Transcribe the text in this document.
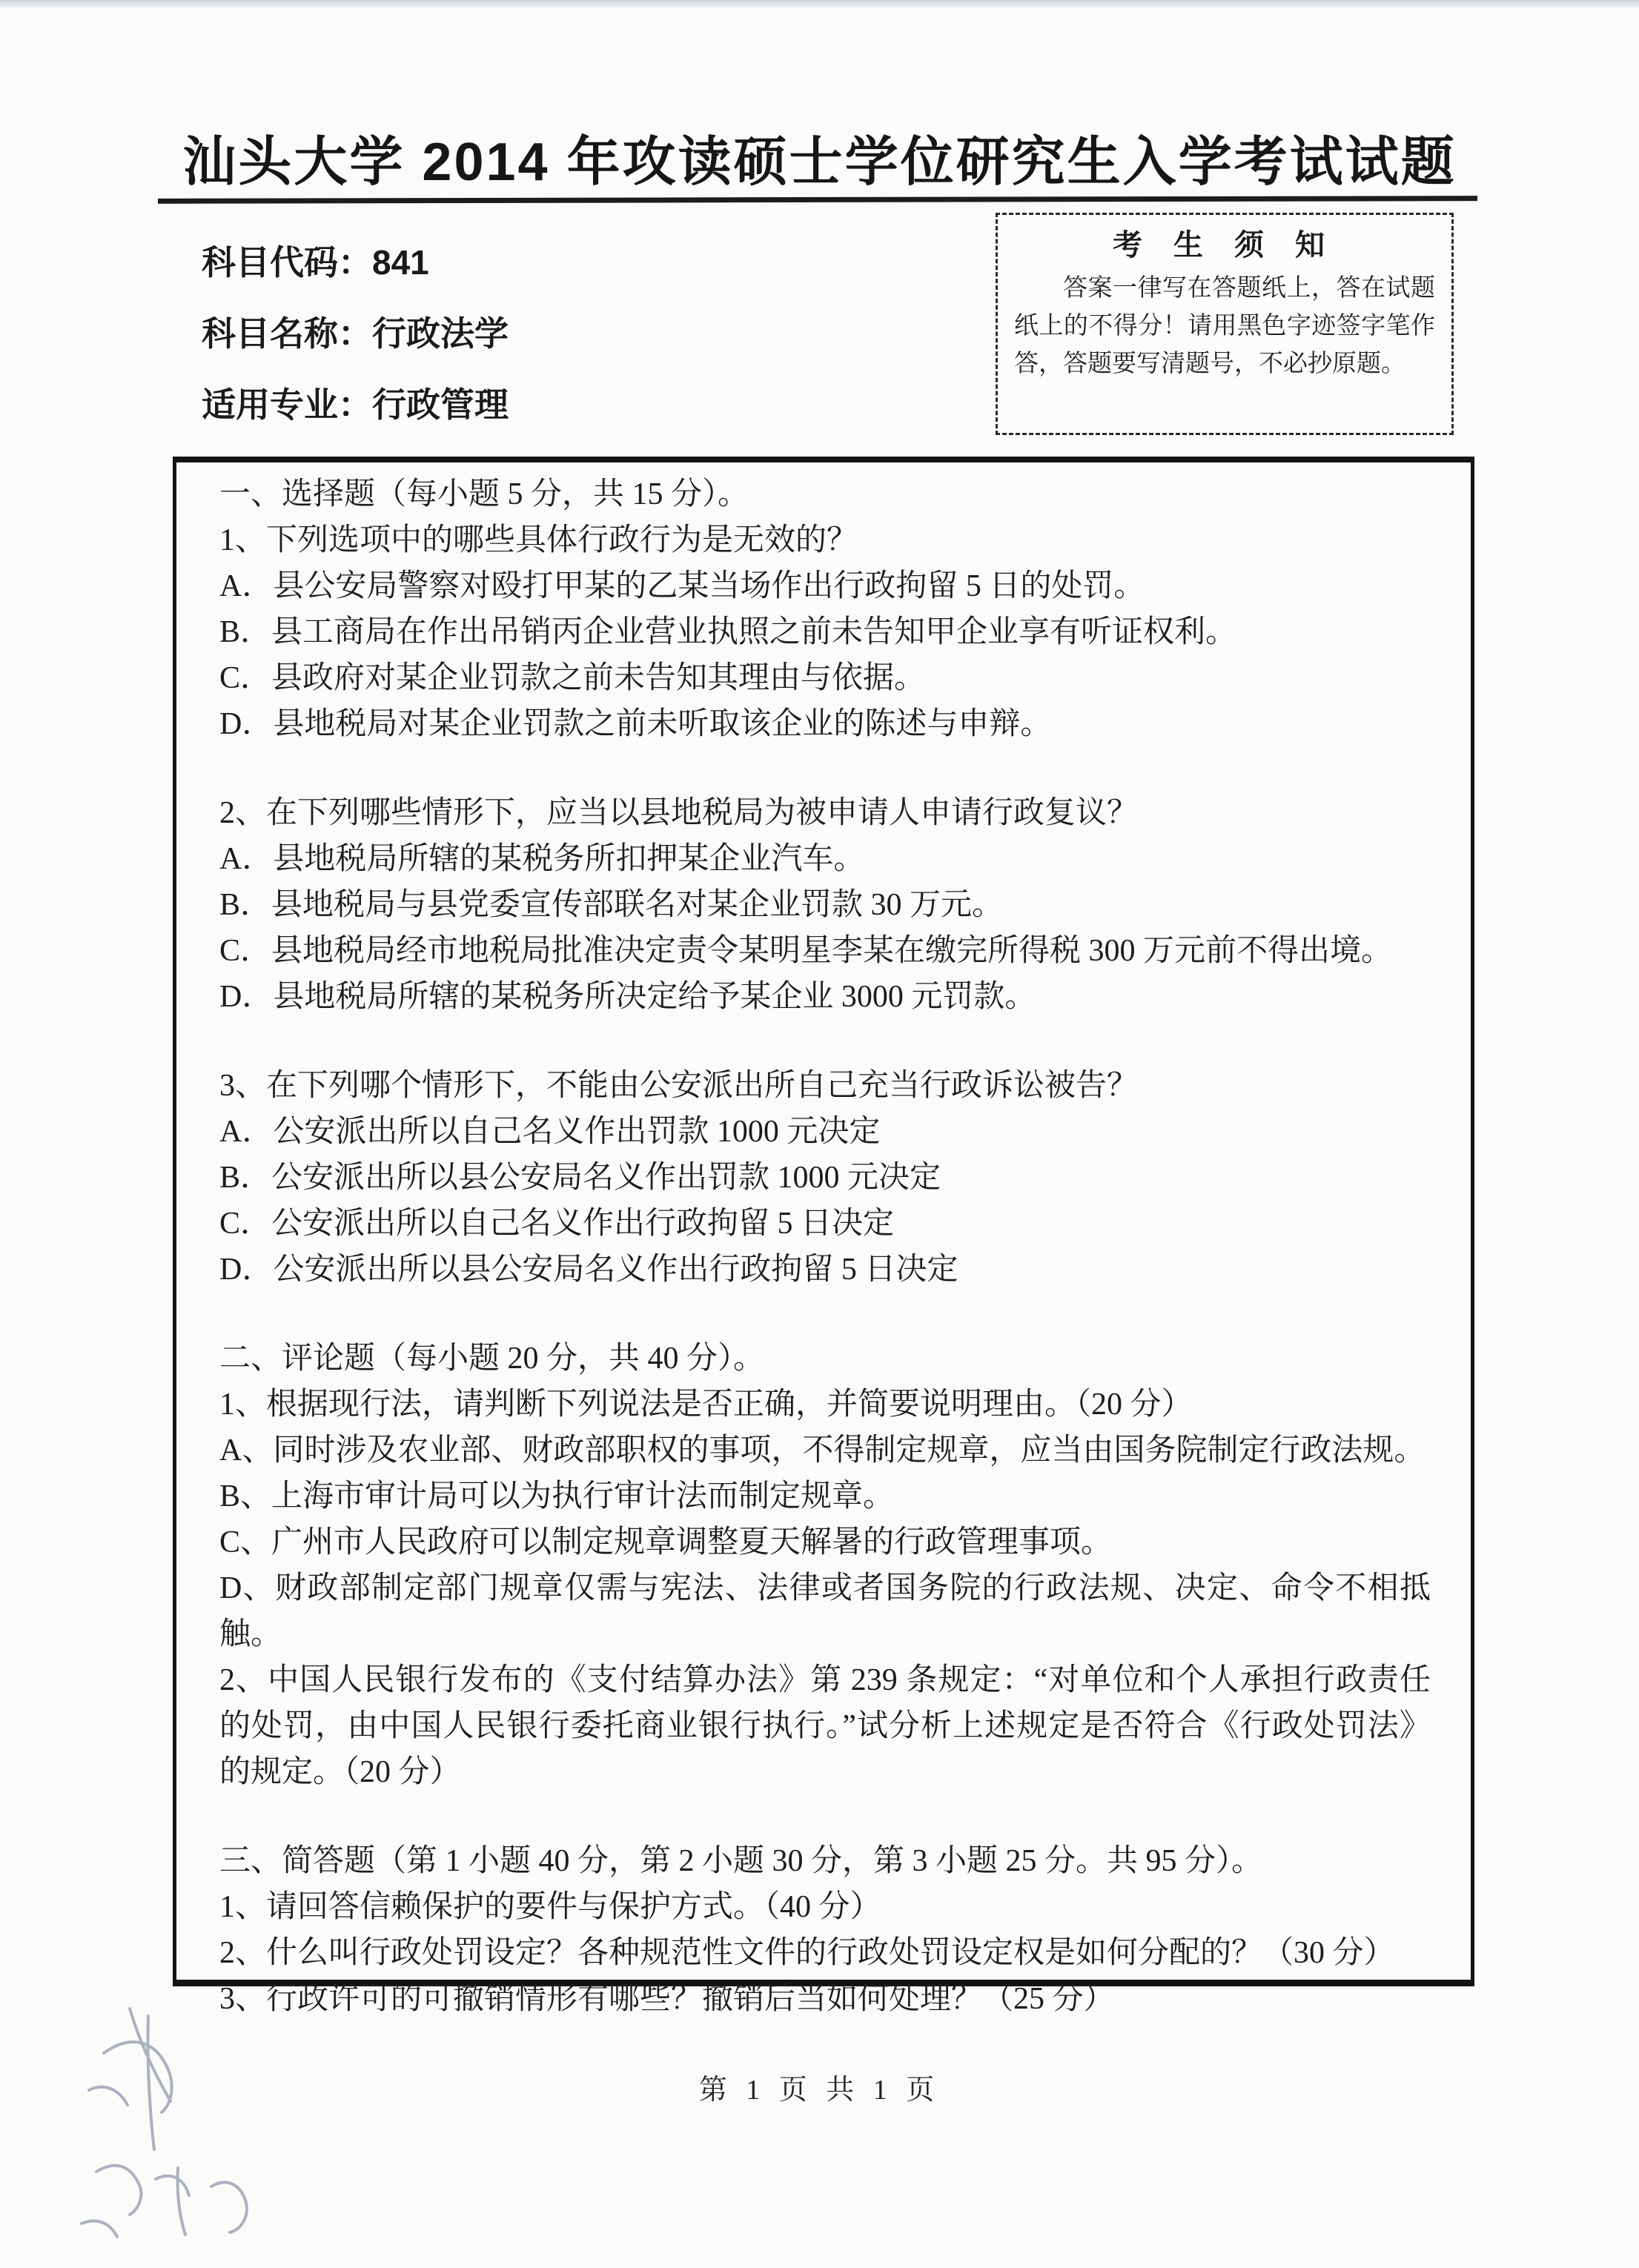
汕头大学 2014 年攻读硕士学位研究生入学考试试题
科目代码：841
科目名称：行政法学
适用专业：行政管理
考 生 须 知

答案一律写在答题纸上，答在试题纸上的不得分！请用黑色字迹签字笔作答，答题要写清题号，不必抄原题。

一、选择题（每小题 5 分，共 15 分）。

1、下列选项中的哪些具体行政行为是无效的？

A．县公安局警察对殴打甲某的乙某当场作出行政拘留 5 日的处罚。

B．县工商局在作出吊销丙企业营业执照之前未告知甲企业享有听证权利。

C．县政府对某企业罚款之前未告知其理由与依据。

D．县地税局对某企业罚款之前未听取该企业的陈述与申辩。

2、在下列哪些情形下，应当以县地税局为被申请人申请行政复议？

A．县地税局所辖的某税务所扣押某企业汽车。

B．县地税局与县党委宣传部联名对某企业罚款 30 万元。

C．县地税局经市地税局批准决定责令某明星李某在缴完所得税 300 万元前不得出境。

D．县地税局所辖的某税务所决定给予某企业 3000 元罚款。

3、在下列哪个情形下，不能由公安派出所自己充当行政诉讼被告？

A．公安派出所以自己名义作出罚款 1000 元决定

B．公安派出所以县公安局名义作出罚款 1000 元决定

C．公安派出所以自己名义作出行政拘留 5 日决定

D．公安派出所以县公安局名义作出行政拘留 5 日决定

二、评论题（每小题 20 分，共 40 分）。

1、根据现行法，请判断下列说法是否正确，并简要说明理由。（20 分）

A、同时涉及农业部、财政部职权的事项，不得制定规章，应当由国务院制定行政法规。

B、上海市审计局可以为执行审计法而制定规章。

C、广州市人民政府可以制定规章调整夏天解暑的行政管理事项。

D、财政部制定部门规章仅需与宪法、法律或者国务院的行政法规、决定、命令不相抵触。

2、中国人民银行发布的《支付结算办法》第 239 条规定：“对单位和个人承担行政责任的处罚，由中国人民银行委托商业银行执行。”试分析上述规定是否符合《行政处罚法》的规定。（20 分）

三、简答题（第 1 小题 40 分，第 2 小题 30 分，第 3 小题 25 分。共 95 分）。

1、请回答信赖保护的要件与保护方式。（40 分）

2、什么叫行政处罚设定？各种规范性文件的行政处罚设定权是如何分配的？（30 分）

3、行政许可的可撤销情形有哪些？撤销后当如何处理？（25 分）

第 1 页 共 1 页
